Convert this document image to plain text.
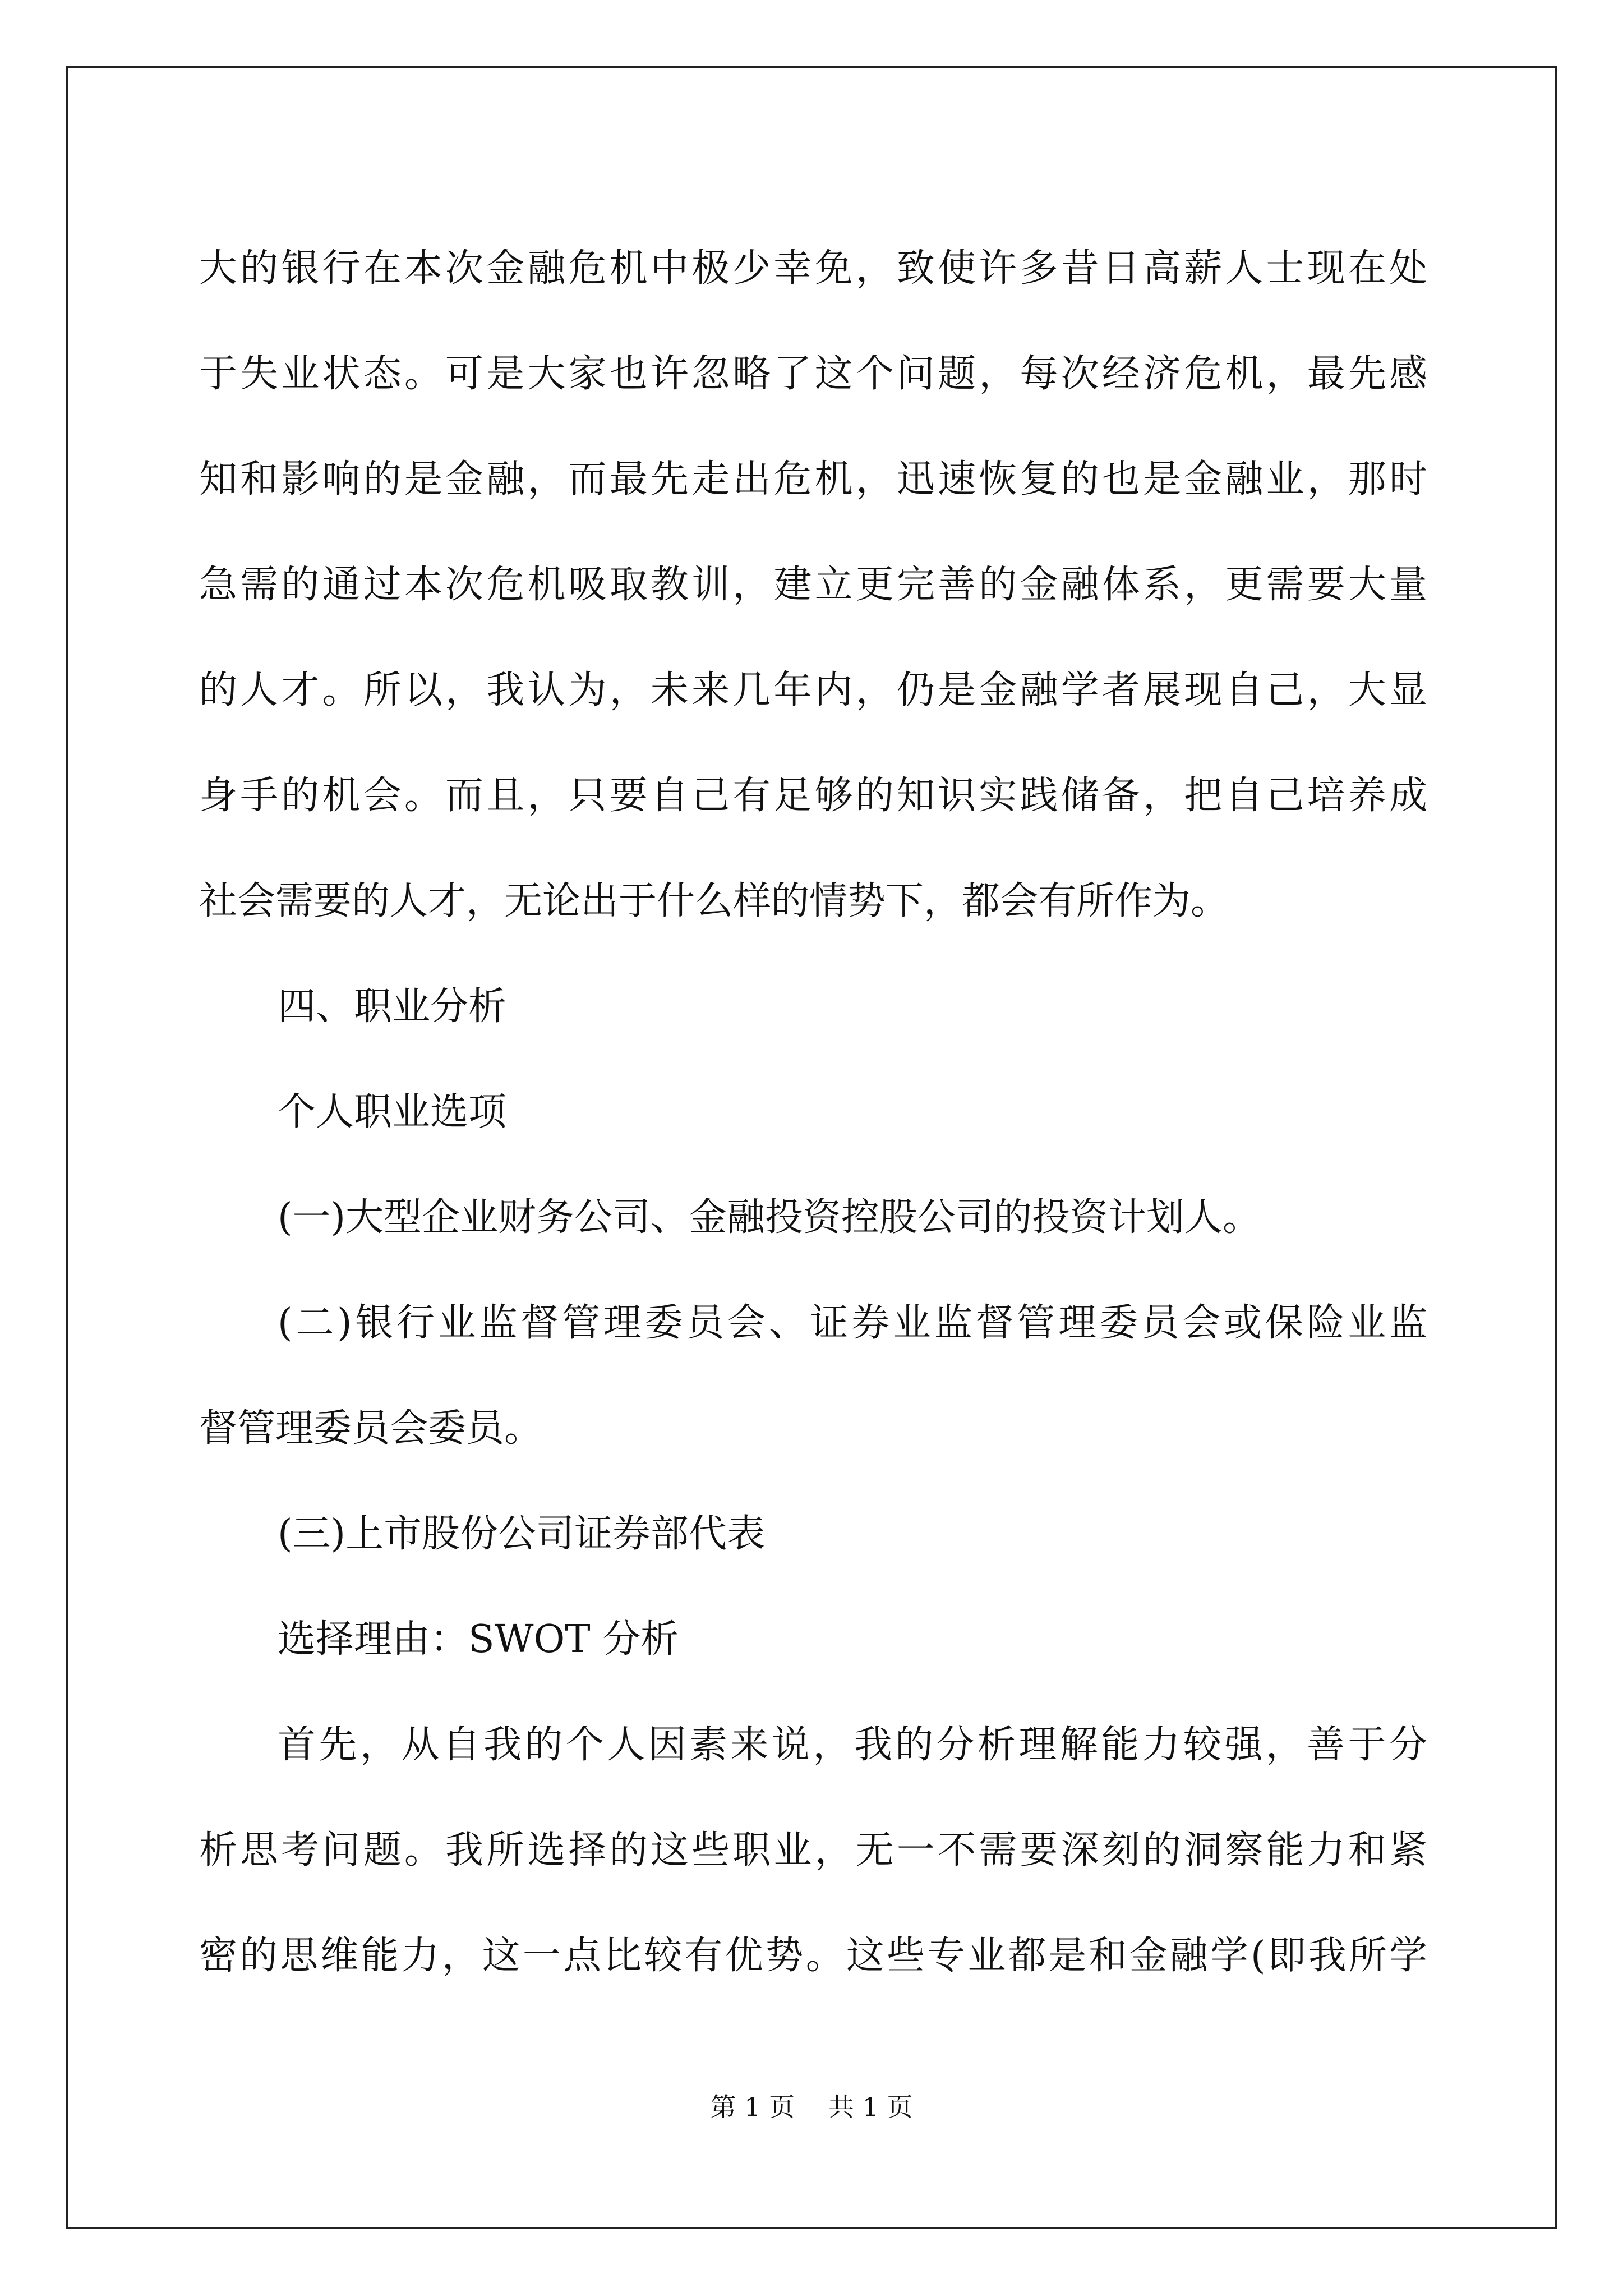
大的银行在本次金融危机中极少幸免，致使许多昔日高薪人士现在处
于失业状态。可是大家也许忽略了这个问题，每次经济危机，最先感
知和影响的是金融，而最先走出危机，迅速恢复的也是金融业，那时
急需的通过本次危机吸取教训，建立更完善的金融体系，更需要大量
的人才。所以，我认为，未来几年内，仍是金融学者展现自己，大显
身手的机会。而且，只要自己有足够的知识实践储备，把自己培养成
社会需要的人才，无论出于什么样的情势下，都会有所作为。
四、职业分析
个人职业选项
(一)大型企业财务公司、金融投资控股公司的投资计划人。
(二)银行业监督管理委员会、证券业监督管理委员会或保险业监
督管理委员会委员。
(三)上市股份公司证券部代表
选择理由：SWOT 分析
首先，从自我的个人因素来说，我的分析理解能力较强，善于分
析思考问题。我所选择的这些职业，无一不需要深刻的洞察能力和紧
密的思维能力，这一点比较有优势。这些专业都是和金融学(即我所学
第 1 页 共 1 页
